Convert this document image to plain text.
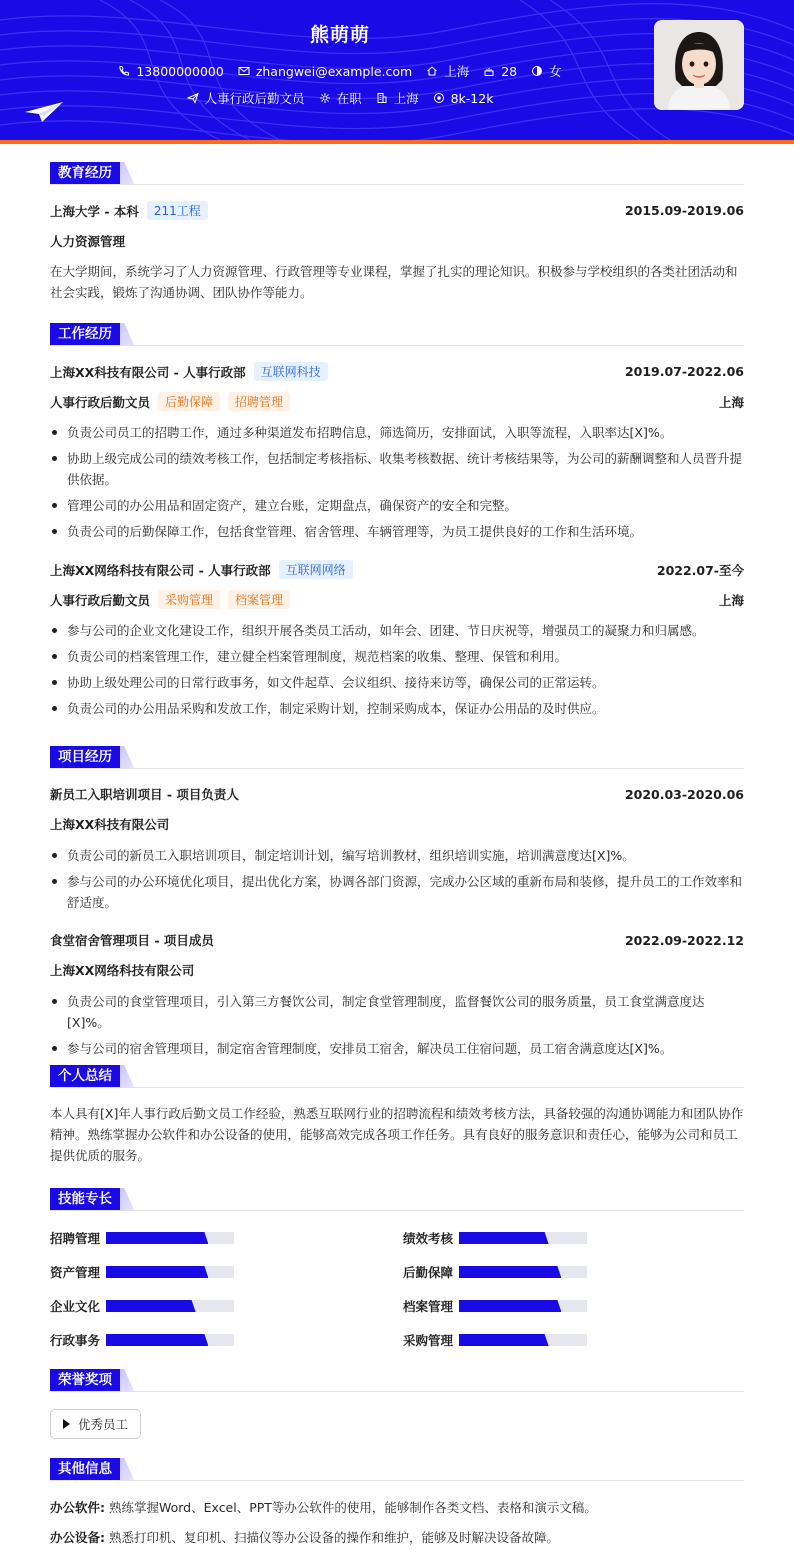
熊萌萌
13800000000	zhangwei@example.com	上海	28	女
人事行政后勤文员	在职	上海	8k-12k
教育经历
上海大学 - 本科	211工程	2015.09-2019.06
人力资源管理
在大学期间，系统学习了人力资源管理、行政管理等专业课程，掌握了扎实的理论知识。积极参与学校组织的各类社团活动和社会实践，锻炼了沟通协调、团队协作等能力。
工作经历
上海XX科技有限公司 - 人事行政部	互联网科技	2019.07-2022.06
人事行政后勤文员	后勤保障	招聘管理	上海
负责公司员工的招聘工作，通过多种渠道发布招聘信息，筛选简历，安排面试，入职等流程，入职率达[X]%。
协助上级完成公司的绩效考核工作，包括制定考核指标、收集考核数据、统计考核结果等，为公司的薪酬调整和人员晋升提供依据。
管理公司的办公用品和固定资产，建立台账，定期盘点，确保资产的安全和完整。
负责公司的后勤保障工作，包括食堂管理、宿舍管理、车辆管理等，为员工提供良好的工作和生活环境。
上海XX网络科技有限公司 - 人事行政部	互联网网络	2022.07-至今
人事行政后勤文员	采购管理	档案管理	上海
参与公司的企业文化建设工作，组织开展各类员工活动，如年会、团建、节日庆祝等，增强员工的凝聚力和归属感。
负责公司的档案管理工作，建立健全档案管理制度，规范档案的收集、整理、保管和利用。
协助上级处理公司的日常行政事务，如文件起草、会议组织、接待来访等，确保公司的正常运转。
负责公司的办公用品采购和发放工作，制定采购计划，控制采购成本，保证办公用品的及时供应。
项目经历
新员工入职培训项目 - 项目负责人	2020.03-2020.06
上海XX科技有限公司
负责公司的新员工入职培训项目，制定培训计划，编写培训教材，组织培训实施，培训满意度达[X]%。
参与公司的办公环境优化项目，提出优化方案，协调各部门资源，完成办公区域的重新布局和装修，提升员工的工作效率和舒适度。
食堂宿舍管理项目 - 项目成员	2022.09-2022.12
上海XX网络科技有限公司
负责公司的食堂管理项目，引入第三方餐饮公司，制定食堂管理制度，监督餐饮公司的服务质量，员工食堂满意度达[X]%。
参与公司的宿舍管理项目，制定宿舍管理制度，安排员工宿舍，解决员工住宿问题，员工宿舍满意度达[X]%。
个人总结
本人具有[X]年人事行政后勤文员工作经验，熟悉互联网行业的招聘流程和绩效考核方法，具备较强的沟通协调能力和团队协作精神。熟练掌握办公软件和办公设备的使用，能够高效完成各项工作任务。具有良好的服务意识和责任心，能够为公司和员工提供优质的服务。
技能专长
招聘管理	绩效考核
资产管理	后勤保障
企业文化	档案管理
行政事务	采购管理
荣誉奖项
优秀员工
其他信息
办公软件: 熟练掌握Word、Excel、PPT等办公软件的使用，能够制作各类文档、表格和演示文稿。
办公设备: 熟悉打印机、复印机、扫描仪等办公设备的操作和维护，能够及时解决设备故障。
